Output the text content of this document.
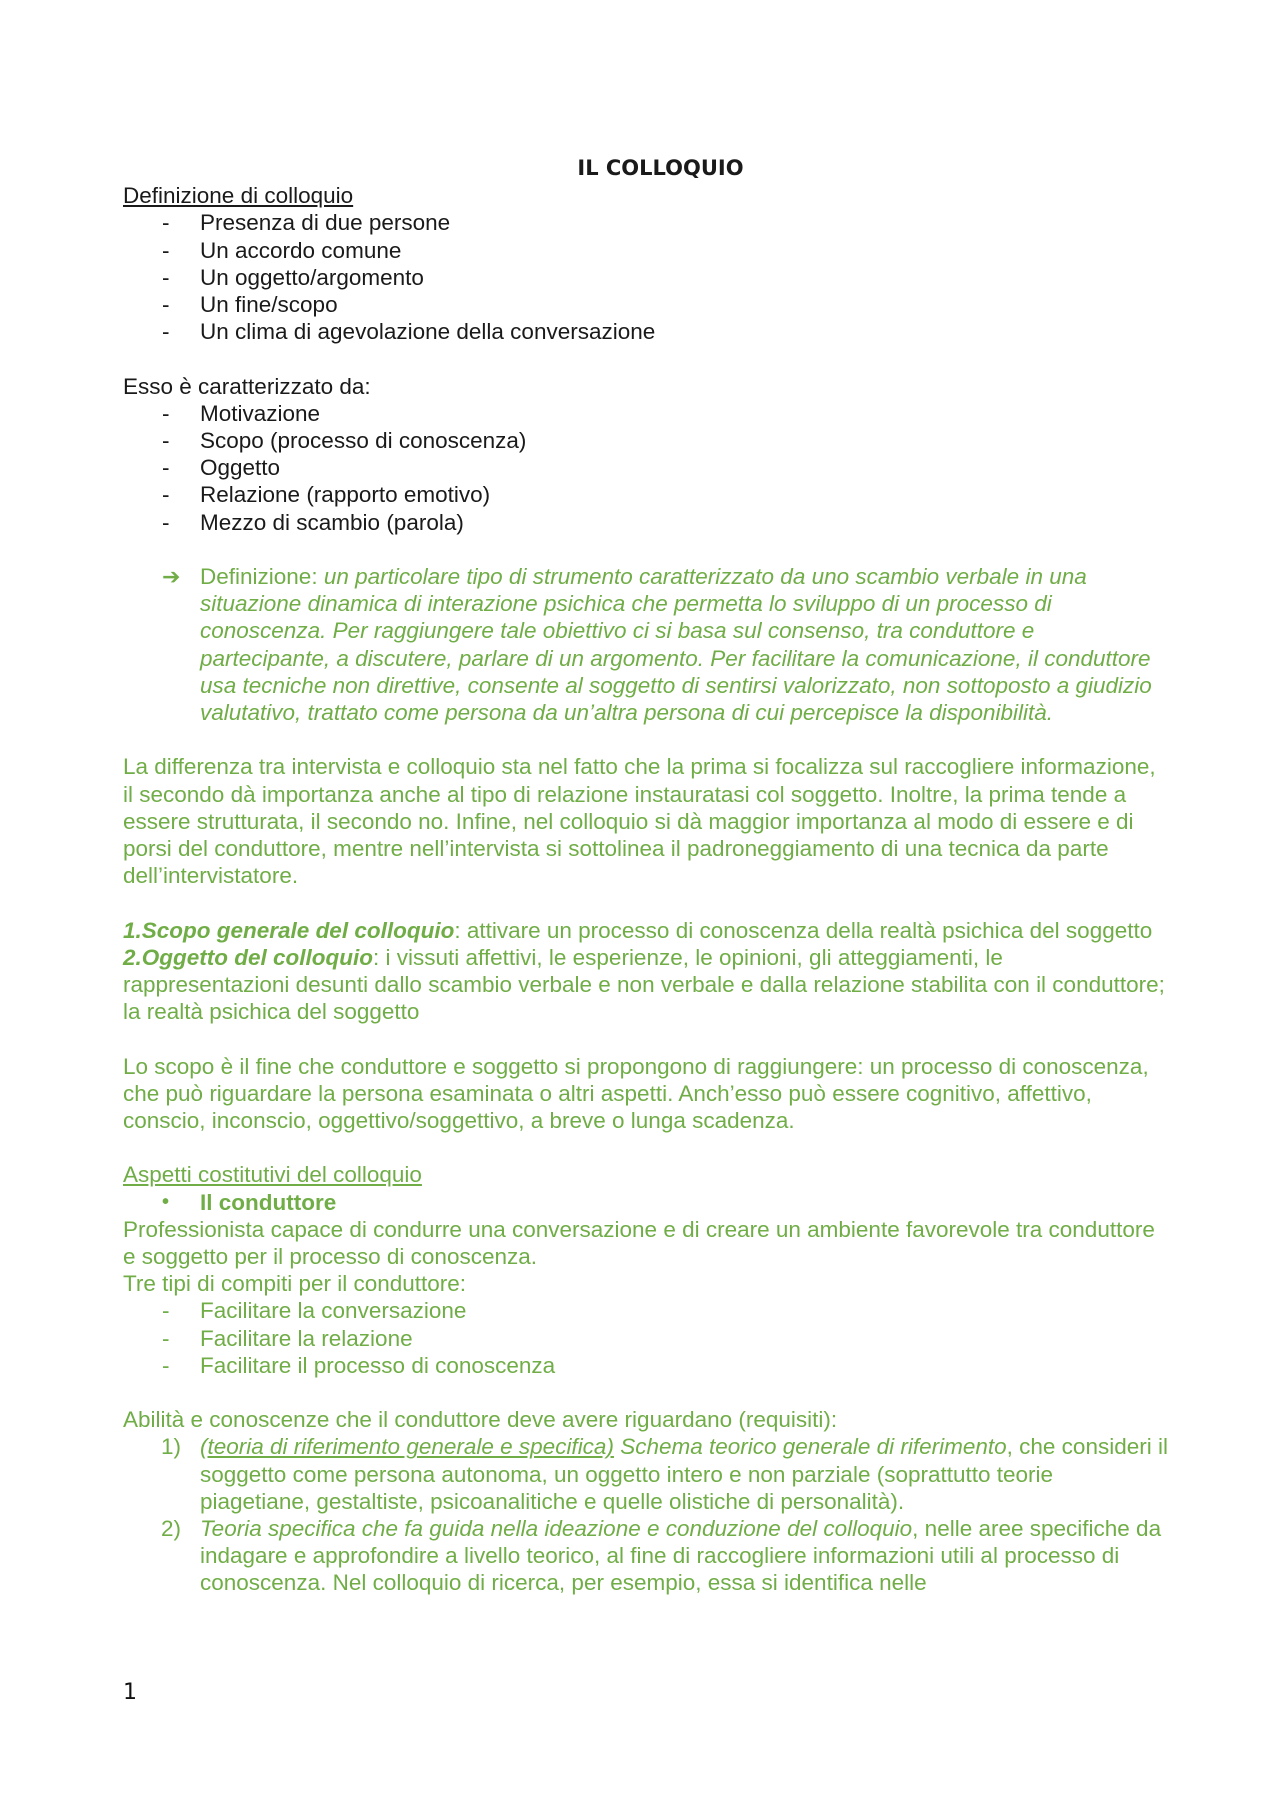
IL COLLOQUIO

Definizione di colloquio

- Presenza di due persone
- Un accordo comune
- Un oggetto/argomento
- Un fine/scopo
- Un clima di agevolazione della conversazione

Esso è caratterizzato da:

- Motivazione
- Scopo (processo di conoscenza)
- Oggetto
- Relazione (rapporto emotivo)
- Mezzo di scambio (parola)
➔ Definizione: un particolare tipo di strumento caratterizzato da uno scambio verbale in una situazione dinamica di interazione psichica che permetta lo sviluppo di un processo di conoscenza. Per raggiungere tale obiettivo ci si basa sul consenso, tra conduttore e partecipante, a discutere, parlare di un argomento. Per facilitare la comunicazione, il conduttore usa tecniche non direttive, consente al soggetto di sentirsi valorizzato, non sottoposto a giudizio valutativo, trattato come persona da un’altra persona di cui percepisce la disponibilità.

La differenza tra intervista e colloquio sta nel fatto che la prima si focalizza sul raccogliere informazione, il secondo dà importanza anche al tipo di relazione instauratasi col soggetto. Inoltre, la prima tende a essere strutturata, il secondo no. Infine, nel colloquio si dà maggior importanza al modo di essere e di porsi del conduttore, mentre nell’intervista si sottolinea il padroneggiamento di una tecnica da parte dell’intervistatore.

1.Scopo generale del colloquio: attivare un processo di conoscenza della realtà psichica del soggetto

2.Oggetto del colloquio: i vissuti affettivi, le esperienze, le opinioni, gli atteggiamenti, le rappresentazioni desunti dallo scambio verbale e non verbale e dalla relazione stabilita con il conduttore; la realtà psichica del soggetto

Lo scopo è il fine che conduttore e soggetto si propongono di raggiungere: un processo di conoscenza, che può riguardare la persona esaminata o altri aspetti. Anch’esso può essere cognitivo, affettivo, conscio, inconscio, oggettivo/soggettivo, a breve o lunga scadenza.

Aspetti costitutivi del colloquio

• Il conduttore

Professionista capace di condurre una conversazione e di creare un ambiente favorevole tra conduttore e soggetto per il processo di conoscenza.

Tre tipi di compiti per il conduttore:

- Facilitare la conversazione
- Facilitare la relazione
- Facilitare il processo di conoscenza

Abilità e conoscenze che il conduttore deve avere riguardano (requisiti):

1) (teoria di riferimento generale e specifica) Schema teorico generale di riferimento, che consideri il soggetto come persona autonoma, un oggetto intero e non parziale (soprattutto teorie piagetiane, gestaltiste, psicoanalitiche e quelle olistiche di personalità).
2) Teoria specifica che fa guida nella ideazione e conduzione del colloquio, nelle aree specifiche da indagare e approfondire a livello teorico, al fine di raccogliere informazioni utili al processo di conoscenza. Nel colloquio di ricerca, per esempio, essa si identifica nelle
1
